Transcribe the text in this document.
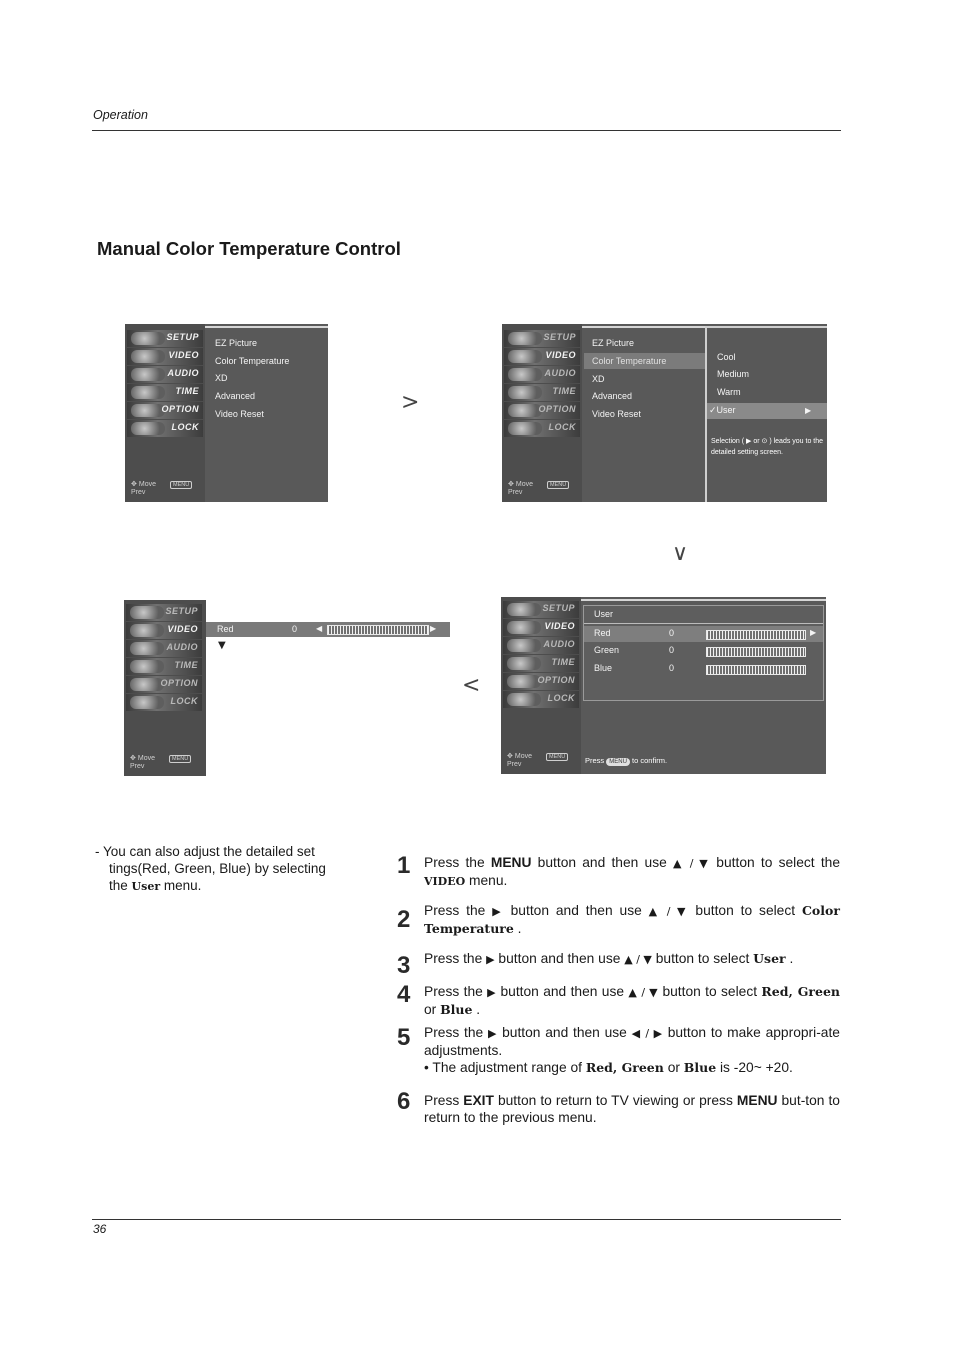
Operation
Manual Color Temperature Control
SETUP
VIDEO
AUDIO
TIME
OPTION
LOCK
✥ Move	MENU Prev
EZ Picture
Color Temperature
XD
Advanced
Video Reset	>
SETUP
VIDEO
AUDIO
TIME
OPTION
LOCK
✥ Move	MENU Prev
EZ Picture
Color Temperature
XD
Advanced
Video Reset
Cool
Medium
Warm
✓User	▶
Selection ( ▶ or ⊙ ) leads you to the detailed setting screen.
∨
SETUP
VIDEO
AUDIO
TIME
OPTION
LOCK
✥ Move	MENU Prev
User
Red	0	▶
Green	0
Blue	0
Press MENU to confirm.
<
SETUP
VIDEO
AUDIO
TIME
OPTION
LOCK
✥ Move	MENU Prev
Red	0 ◀	▶
▼
- You can also adjust the detailed set
tings(Red, Green, Blue) by selecting
the User menu.
1 Press the MENU button and then use ▲ / ▼ button to select the VIDEO menu.
2 Press the ▶ button and then use ▲ / ▼ button to select Color Temperature .
3 Press the ▶ button and then use ▲ / ▼ button to select User .
4 Press the ▶ button and then use ▲ / ▼ button to select Red, Green or Blue .
5 Press the ▶ button and then use ◀ / ▶ button to make appropri-ate adjustments.
• The adjustment range of Red, Green or Blue is -20~ +20.
6 Press EXIT button to return to TV viewing or press MENU but-ton to return to the previous menu.
36
